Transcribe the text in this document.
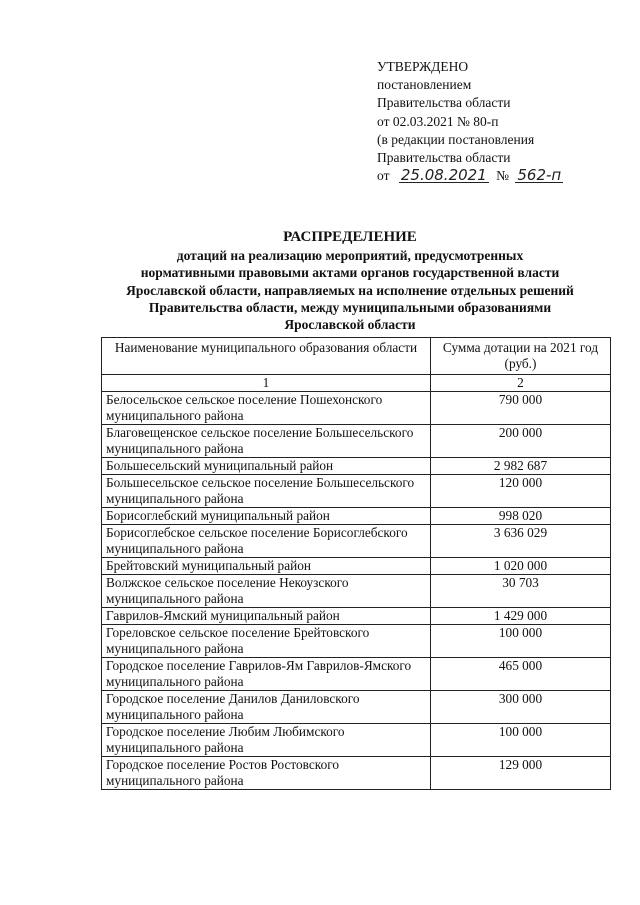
УТВЕРЖДЕНО
постановлением
Правительства области
от 02.03.2021 № 80-п
(в редакции постановления
Правительства области
от 25.08.2021 № 562-п
РАСПРЕДЕЛЕНИЕ
дотаций на реализацию мероприятий, предусмотренных
нормативными правовыми актами органов государственной власти
Ярославской области, направляемых на исполнение отдельных решений
Правительства области, между муниципальными образованиями
Ярославской области
Наименование муниципального образования области	Сумма дотации на 2021 год (руб.)
1	2
Белосельское сельское поселение Пошехонского муниципального района	790 000
Благовещенское сельское поселение Большесельского муниципального района	200 000
Большесельский муниципальный район	2 982 687
Большесельское сельское поселение Большесельского муниципального района	120 000
Борисоглебский муниципальный район	998 020
Борисоглебское сельское поселение Борисоглебского муниципального района	3 636 029
Брейтовский муниципальный район	1 020 000
Волжское сельское поселение Некоузского муниципального района	30 703
Гаврилов-Ямский муниципальный район	1 429 000
Гореловское сельское поселение Брейтовского муниципального района	100 000
Городское поселение Гаврилов-Ям Гаврилов-Ямского муниципального района	465 000
Городское поселение Данилов Даниловского муниципального района	300 000
Городское поселение Любим Любимского муниципального района	100 000
Городское поселение Ростов Ростовского муниципального района	129 000
